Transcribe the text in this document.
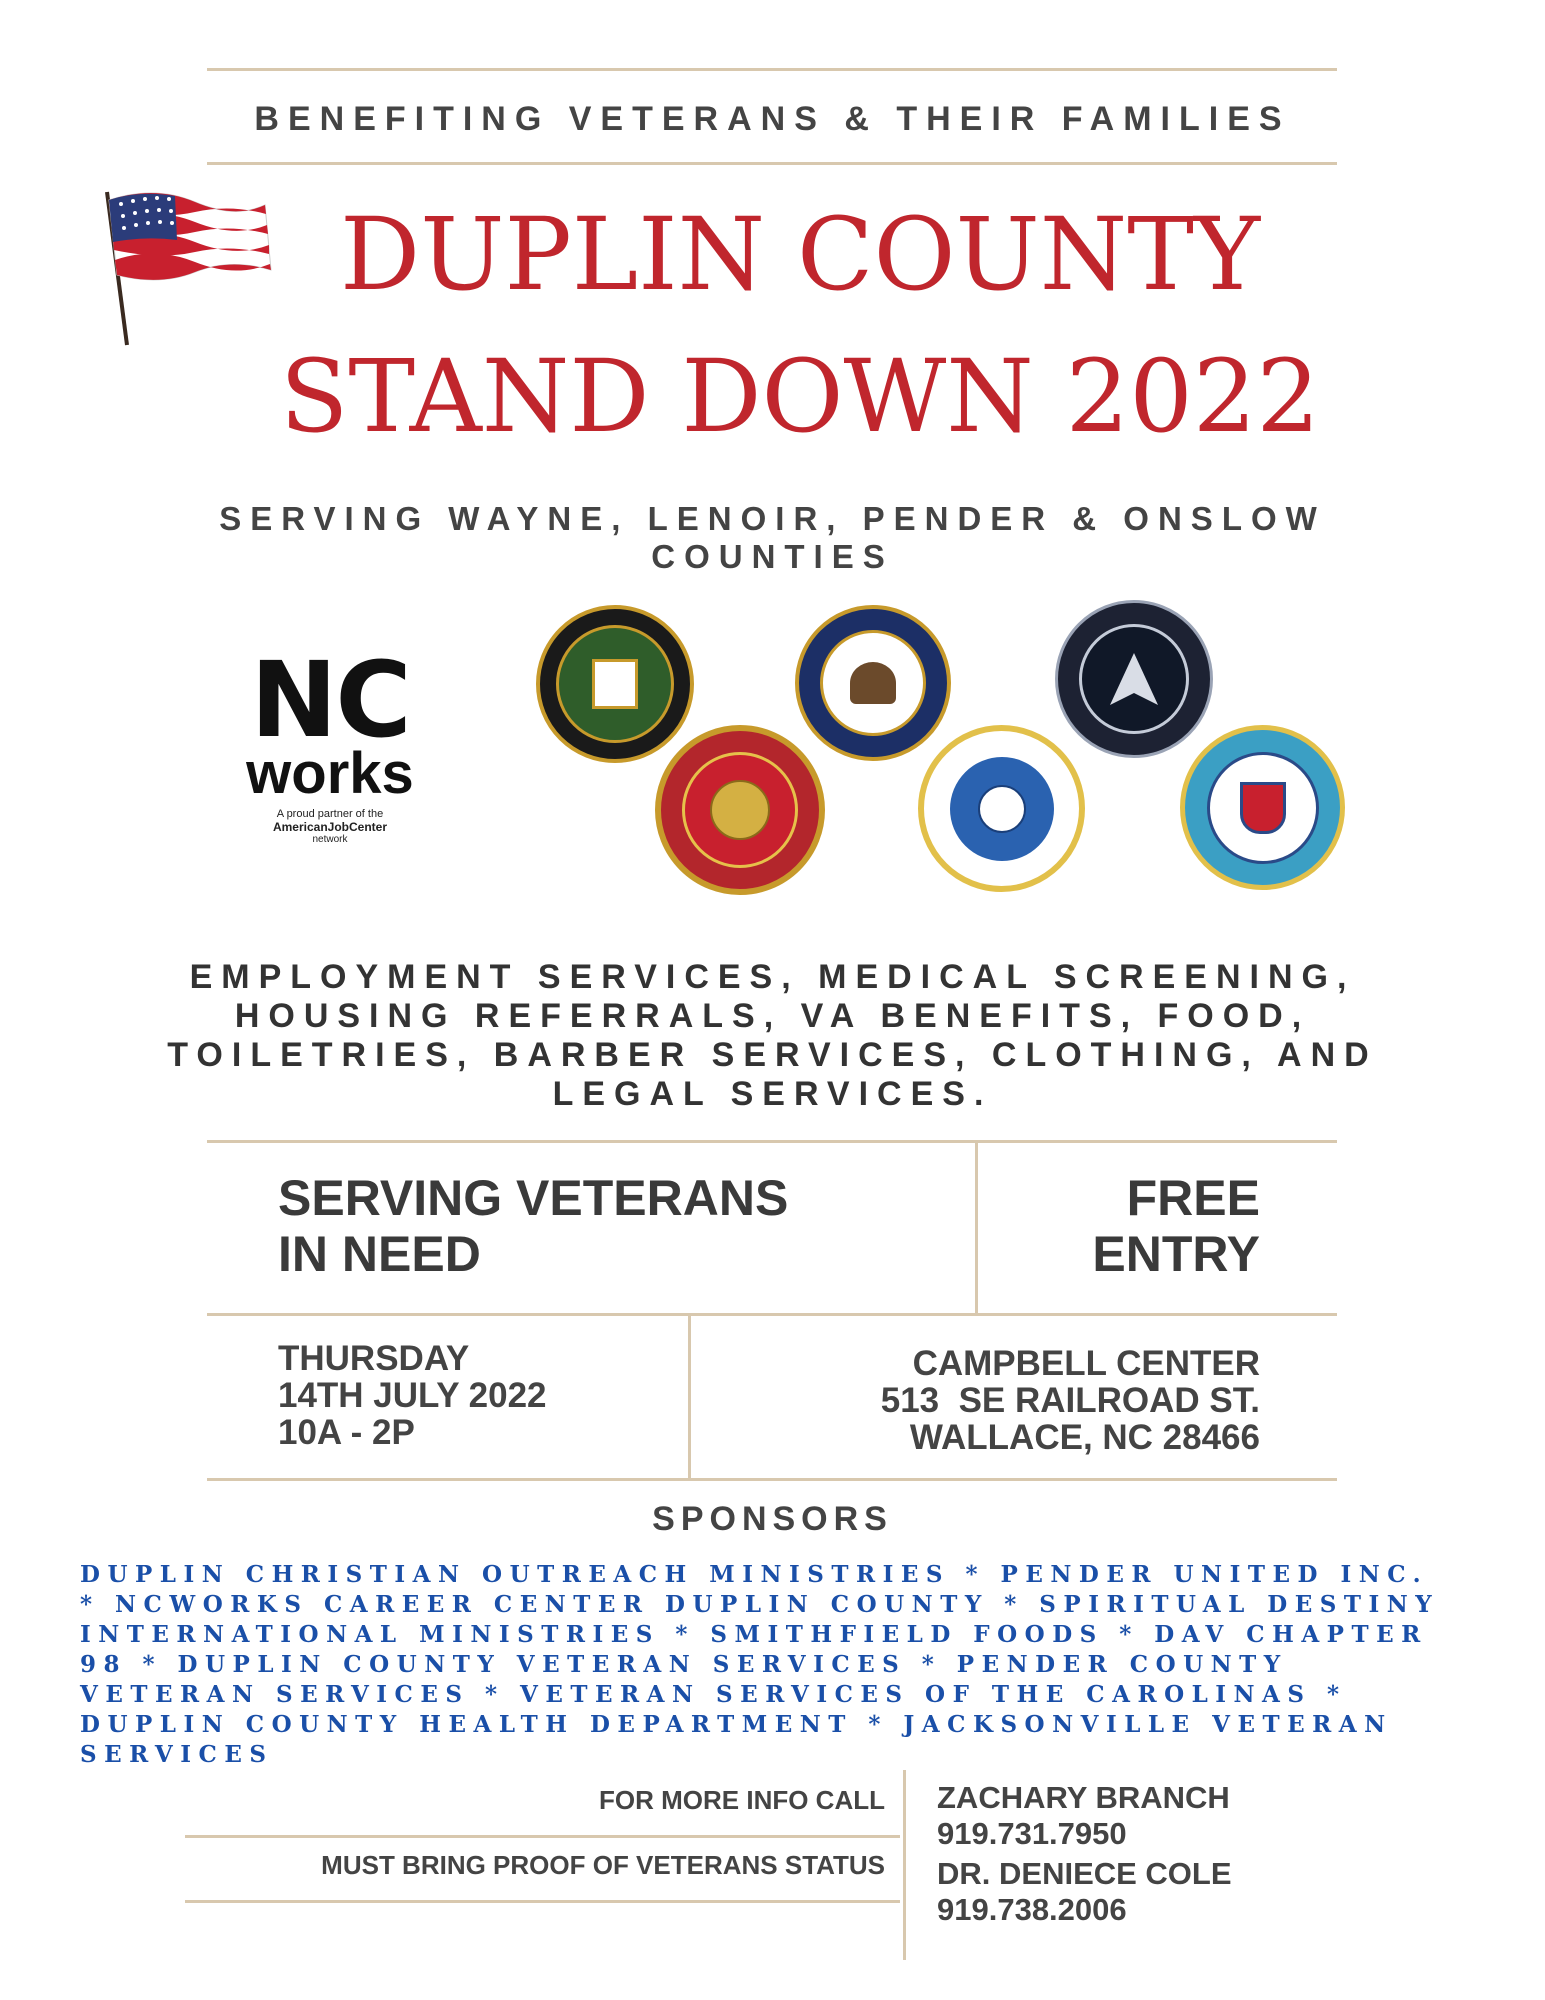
BENEFITING VETERANS & THEIR FAMILIES
DUPLIN COUNTY
STAND DOWN 2022
SERVING WAYNE, LENOIR, PENDER & ONSLOW
COUNTIES
NC
works
A proud partner of the
AmericanJobCenter
network
EMPLOYMENT SERVICES, MEDICAL SCREENING,
HOUSING REFERRALS, VA BENEFITS, FOOD,
TOILETRIES, BARBER SERVICES, CLOTHING, AND
LEGAL SERVICES.
SERVING VETERANS
IN NEED
FREE
ENTRY
THURSDAY
14TH JULY 2022
10A - 2P
CAMPBELL CENTER
513  SE RAILROAD ST.
WALLACE, NC 28466
SPONSORS
DUPLIN CHRISTIAN OUTREACH MINISTRIES * PENDER UNITED INC.
* NCWORKS CAREER CENTER DUPLIN COUNTY * SPIRITUAL DESTINY
INTERNATIONAL MINISTRIES * SMITHFIELD FOODS * DAV CHAPTER
98 * DUPLIN COUNTY VETERAN SERVICES * PENDER COUNTY
VETERAN SERVICES * VETERAN SERVICES OF THE CAROLINAS *
DUPLIN COUNTY HEALTH DEPARTMENT * JACKSONVILLE VETERAN
SERVICES
FOR MORE INFO CALL
MUST BRING PROOF OF VETERANS STATUS
ZACHARY BRANCH
919.731.7950
DR. DENIECE COLE
919.738.2006
